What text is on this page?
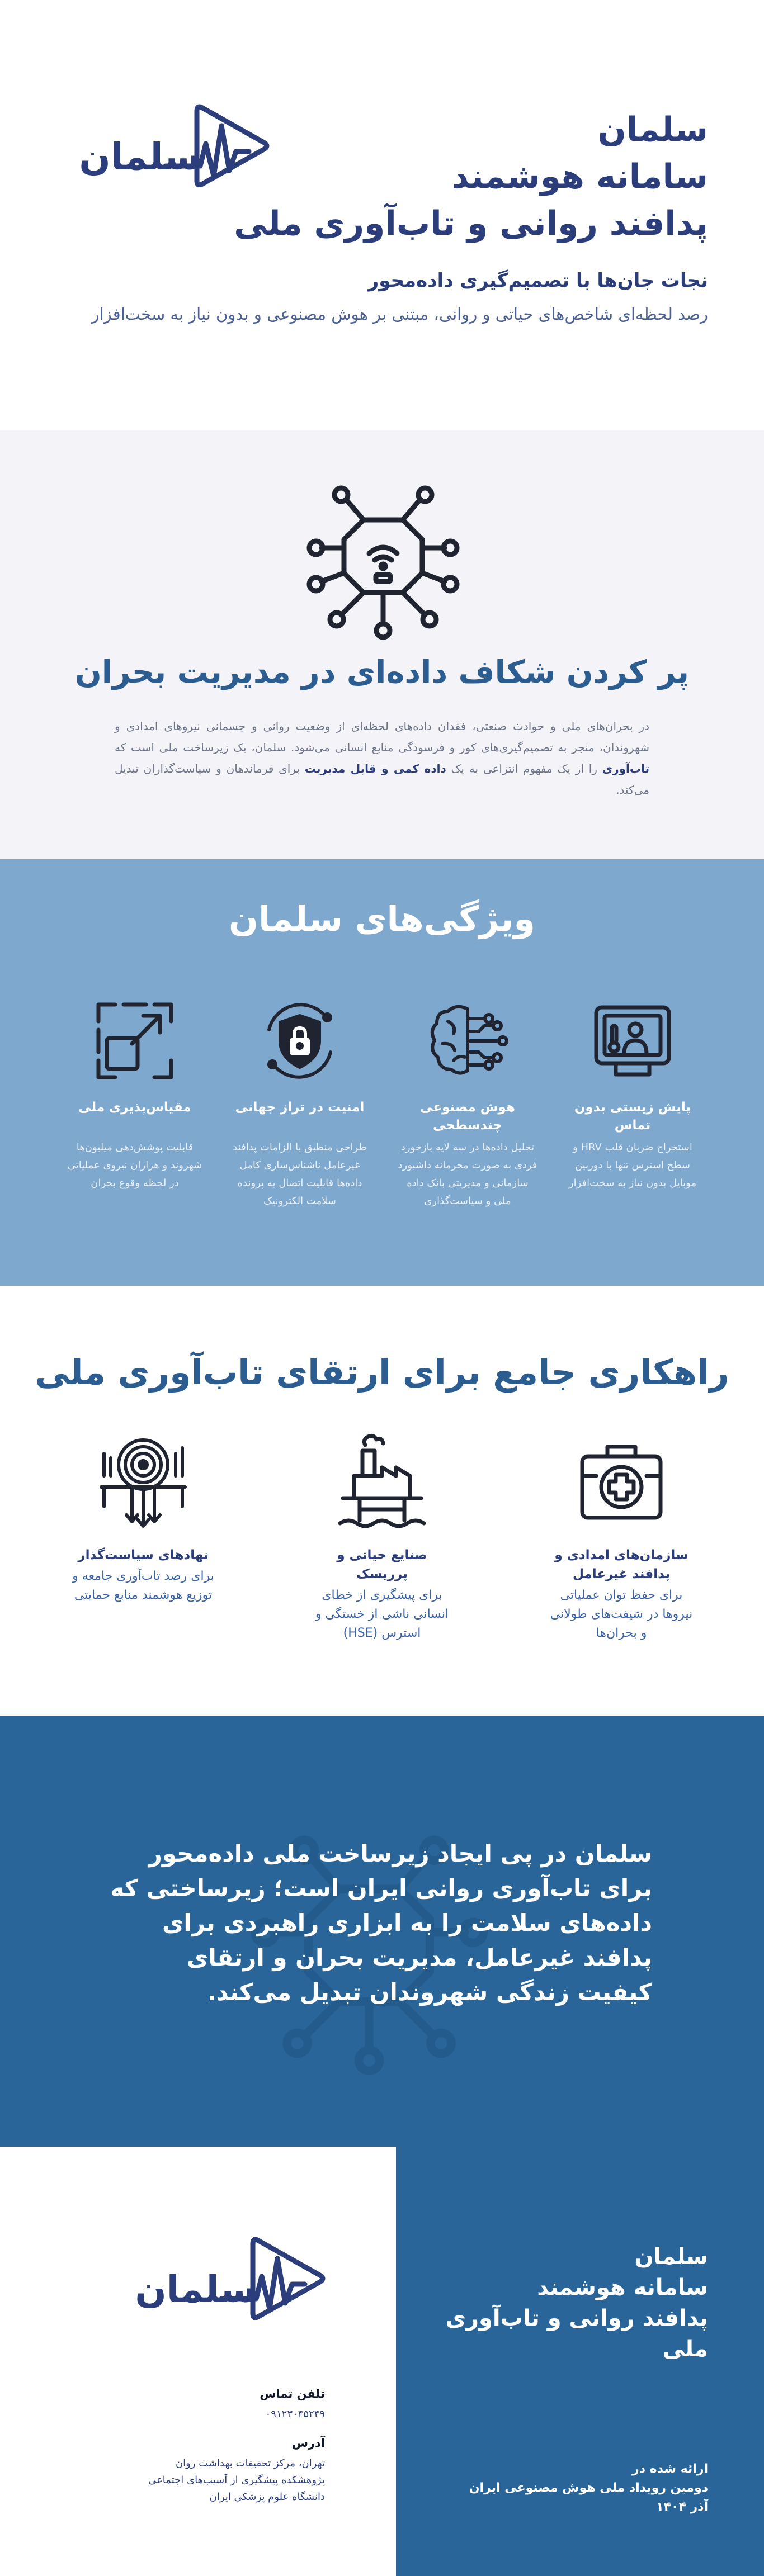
سلمان
سامانه هوشمند
پدافند روانی و تاب‌آوری ملی
سلمان
نجات جان‌ها با تصمیم‌گیری داده‌محور
رصد لحظه‌ای شاخص‌های حیاتی و روانی، مبتنی بر هوش مصنوعی و بدون نیاز به سخت‌افزار
پر کردن شکاف داده‌ای در مدیریت بحران
در بحران‌های ملی و حوادث صنعتی، فقدان داده‌های لحظه‌ای از وضعیت روانی و جسمانی نیروهای امدادی و شهروندان، منجر به تصمیم‌گیری‌های کور و فرسودگی منابع انسانی می‌شود. سلمان، یک زیرساخت ملی است که تاب‌آوری را از یک مفهوم انتزاعی به یک داده کمی و قابل مدیریت برای فرماندهان و سیاست‌گذاران تبدیل می‌کند.
ویژگی‌های سلمان
پایش زیستی بدون تماس
استخراج ضربان قلب HRV و سطح استرس تنها با دوربین موبایل بدون نیاز به سخت‌افزار
هوش مصنوعی چندسطحی
تحلیل داده‌ها در سه لایه بازخورد فردی به صورت محرمانه داشبورد سازمانی و مدیریتی بانک داده ملی و سیاست‌گذاری
امنیت در تراز جهانی
طراحی منطبق با الزامات پدافند غیرعامل ناشناس‌سازی کامل داده‌ها قابلیت اتصال به پرونده سلامت الکترونیک
مقیاس‌پذیری ملی
قابلیت پوشش‌دهی میلیون‌ها شهروند و هزاران نیروی عملیاتی در لحظه وقوع بحران
راهکاری جامع برای ارتقای تاب‌آوری ملی
سازمان‌های امدادی و پدافند غیرعامل
برای حفظ توان عملیاتی نیروها در شیفت‌های طولانی و بحران‌ها
صنایع حیاتی و پرریسک
برای پیشگیری از خطای انسانی ناشی از خستگی و استرس (HSE)
نهادهای سیاست‌گذار
برای رصد تاب‌آوری جامعه و توزیع هوشمند منابع حمایتی
سلمان در پی ایجاد زیرساخت ملی داده‌محور برای تاب‌آوری روانی ایران است؛ زیرساختی که داده‌های سلامت را به ابزاری راهبردی برای پدافند غیرعامل، مدیریت بحران و ارتقای کیفیت زندگی شهروندان تبدیل می‌کند.
سلمان
تلفن تماس
۰۹۱۲۳۰۴۵۲۴۹
آدرس
تهران، مرکز تحقیقات بهداشت روان
پژوهشکده پیشگیری از آسیب‌های اجتماعی
دانشگاه علوم پزشکی ایران
سلمان
سامانه هوشمند
پدافند روانی و تاب‌آوری ملی
ارائه شده در
دومین رویداد ملی هوش مصنوعی ایران
آذر ۱۴۰۴
